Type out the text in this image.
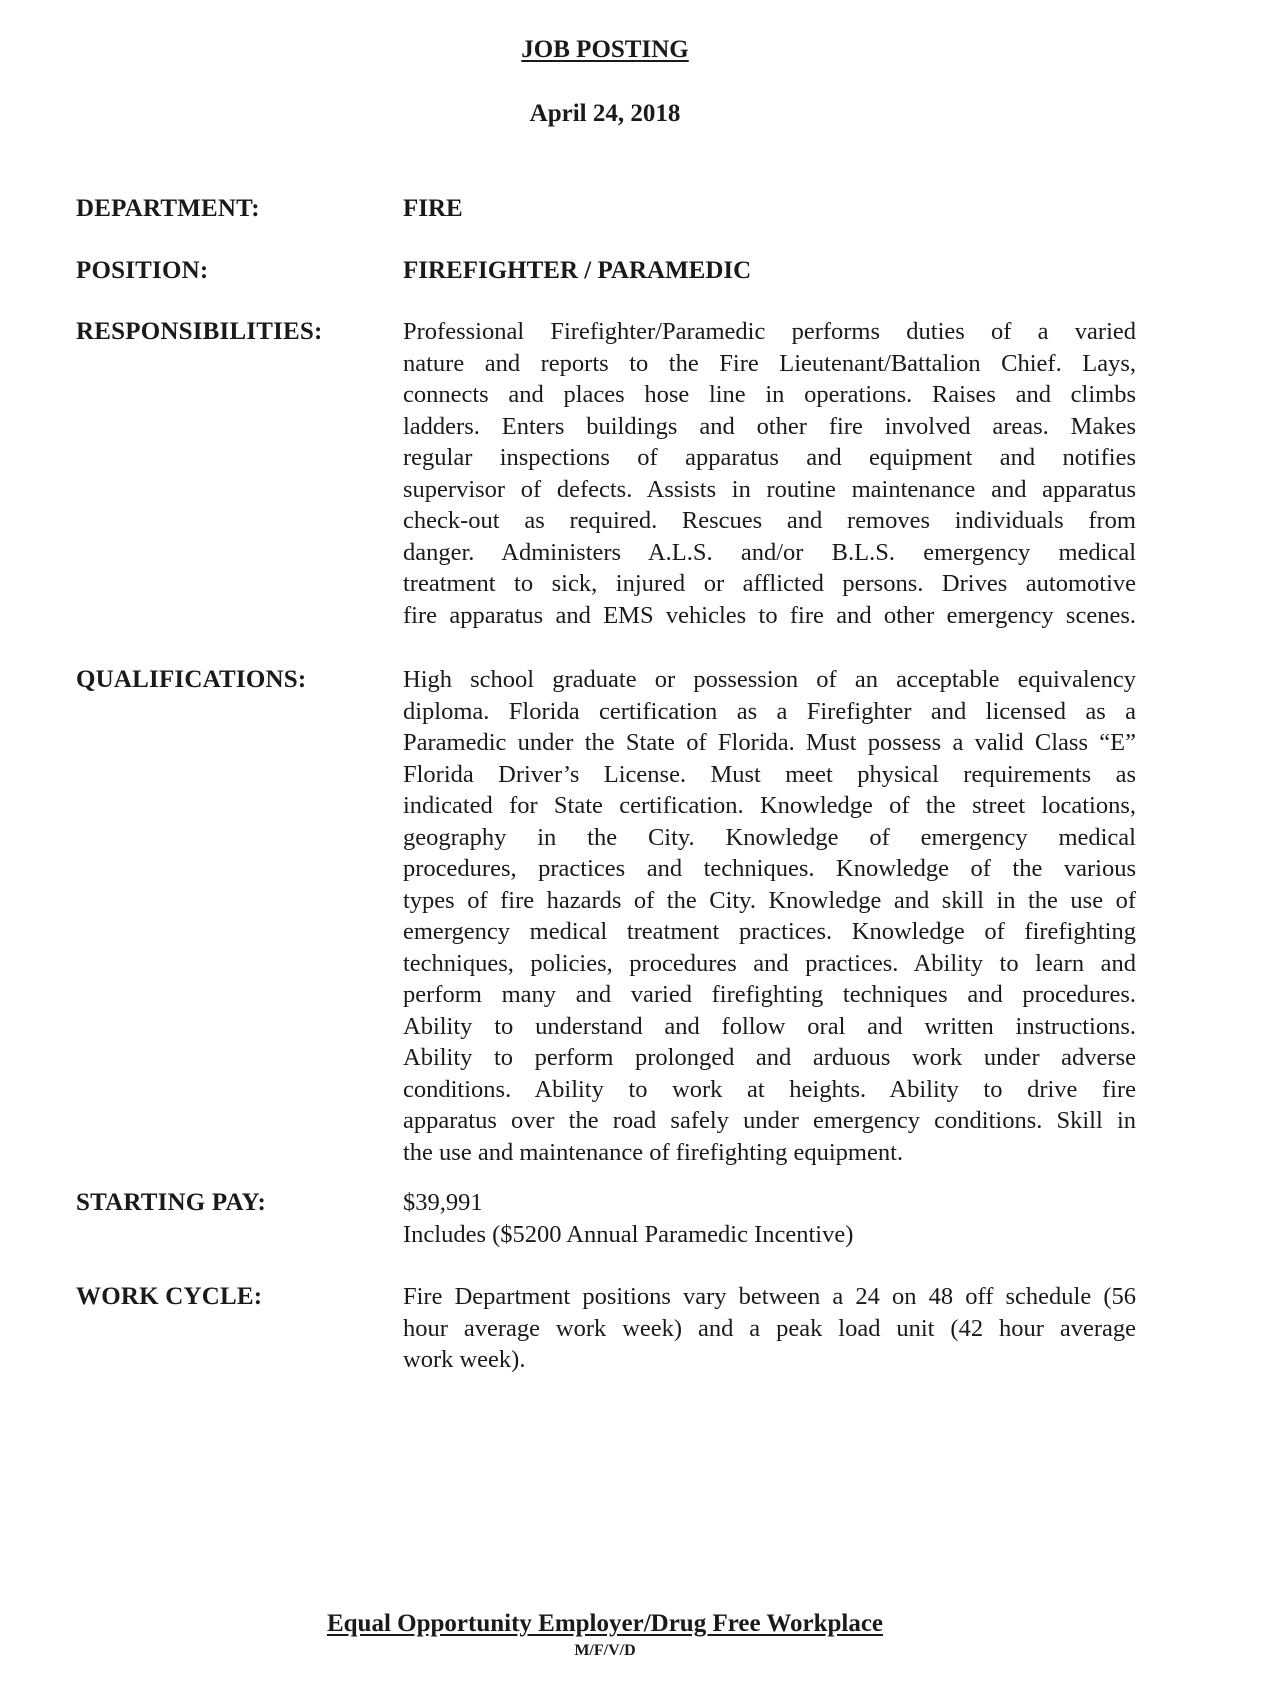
JOB POSTING
April 24, 2018
DEPARTMENT:	FIRE
POSITION:	FIREFIGHTER / PARAMEDIC
RESPONSIBILITIES:	Professional Firefighter/Paramedic performs duties of a varied
nature and reports to the Fire Lieutenant/Battalion Chief. Lays,
connects and places hose line in operations. Raises and climbs
ladders. Enters buildings and other fire involved areas. Makes
regular inspections of apparatus and equipment and notifies
supervisor of defects. Assists in routine maintenance and apparatus
check-out as required. Rescues and removes individuals from
danger. Administers A.L.S. and/or B.L.S. emergency medical
treatment to sick, injured or afflicted persons. Drives automotive
fire apparatus and EMS vehicles to fire and other emergency scenes.
QUALIFICATIONS:	High school graduate or possession of an acceptable equivalency
diploma. Florida certification as a Firefighter and licensed as a
Paramedic under the State of Florida. Must possess a valid Class “E”
Florida Driver’s License. Must meet physical requirements as
indicated for State certification. Knowledge of the street locations,
geography in the City. Knowledge of emergency medical
procedures, practices and techniques. Knowledge of the various
types of fire hazards of the City. Knowledge and skill in the use of
emergency medical treatment practices. Knowledge of firefighting
techniques, policies, procedures and practices. Ability to learn and
perform many and varied firefighting techniques and procedures.
Ability to understand and follow oral and written instructions.
Ability to perform prolonged and arduous work under adverse
conditions. Ability to work at heights. Ability to drive fire
apparatus over the road safely under emergency conditions. Skill in
the use and maintenance of firefighting equipment.
STARTING PAY:	$39,991
Includes ($5200 Annual Paramedic Incentive)
WORK CYCLE:	Fire Department positions vary between a 24 on 48 off schedule (56
hour average work week) and a peak load unit (42 hour average
work week).
Equal Opportunity Employer/Drug Free Workplace
M/F/V/D
